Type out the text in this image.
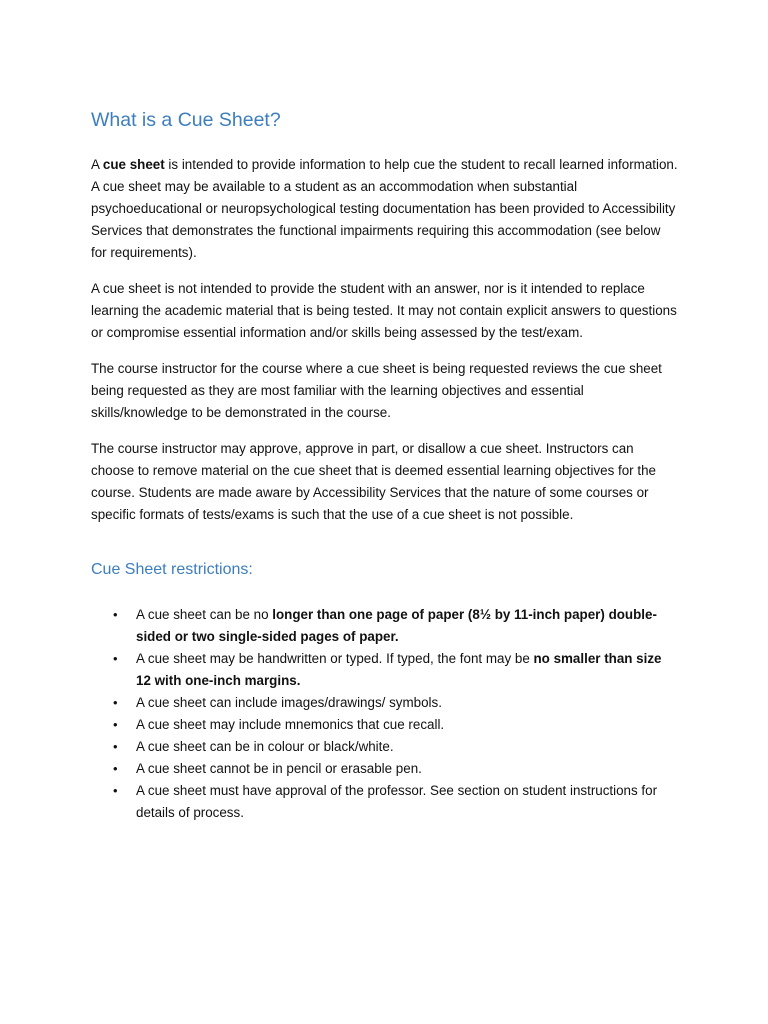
What is a Cue Sheet?

A cue sheet is intended to provide information to help cue the student to recall learned information. A cue sheet may be available to a student as an accommodation when substantial psychoeducational or neuropsychological testing documentation has been provided to Accessibility Services that demonstrates the functional impairments requiring this accommodation (see below for requirements).

A cue sheet is not intended to provide the student with an answer, nor is it intended to replace learning the academic material that is being tested. It may not contain explicit answers to questions or compromise essential information and/or skills being assessed by the test/exam.

The course instructor for the course where a cue sheet is being requested reviews the cue sheet being requested as they are most familiar with the learning objectives and essential skills/knowledge to be demonstrated in the course.

The course instructor may approve, approve in part, or disallow a cue sheet. Instructors can choose to remove material on the cue sheet that is deemed essential learning objectives for the course. Students are made aware by Accessibility Services that the nature of some courses or specific formats of tests/exams is such that the use of a cue sheet is not possible.

Cue Sheet restrictions:
• A cue sheet can be no longer than one page of paper (8½ by 11-inch paper) double-sided or two single-sided pages of paper.
• A cue sheet may be handwritten or typed. If typed, the font may be no smaller than size 12 with one-inch margins.
• A cue sheet can include images/drawings/ symbols.
• A cue sheet may include mnemonics that cue recall.
• A cue sheet can be in colour or black/white.
• A cue sheet cannot be in pencil or erasable pen.
• A cue sheet must have approval of the professor. See section on student instructions for details of process.
